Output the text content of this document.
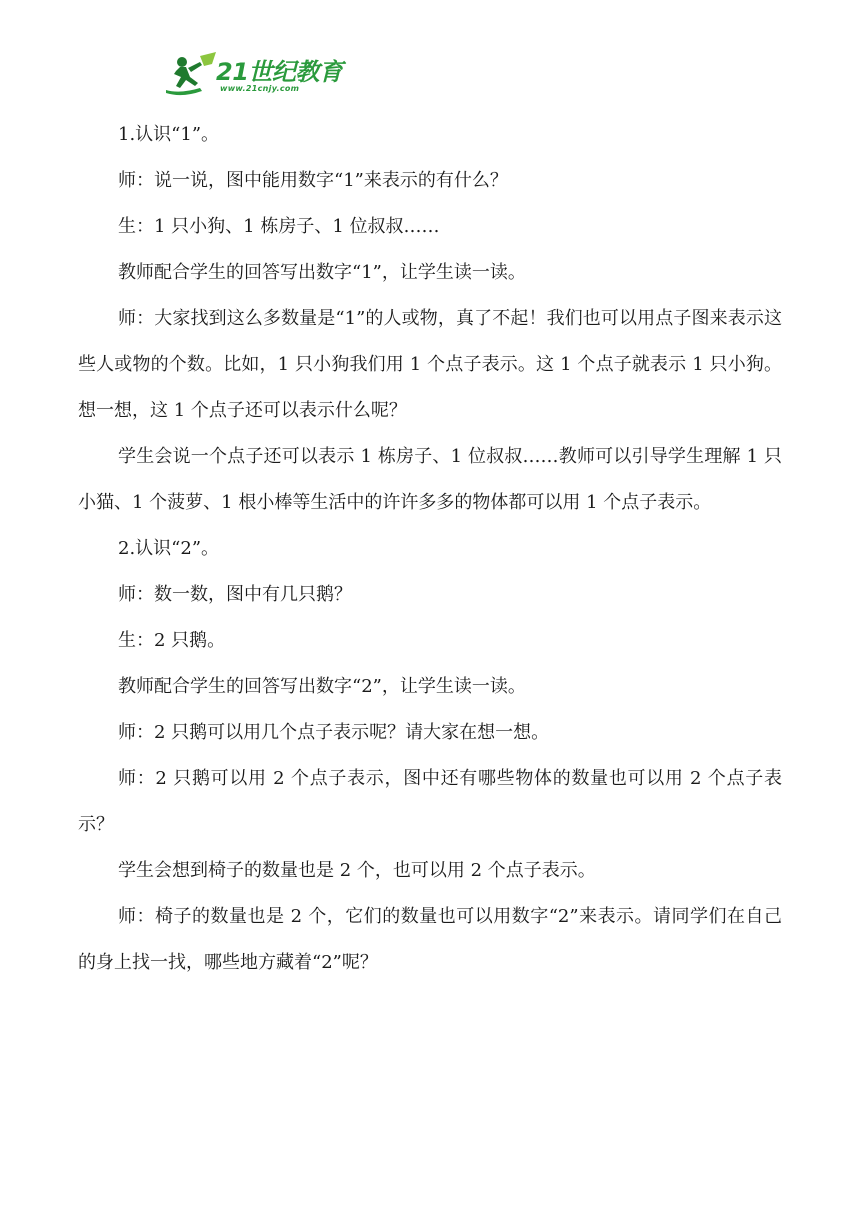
21世纪教育
www.21cnjy.com

1.认识“1”。

师：说一说，图中能用数字“1”来表示的有什么？

生：1 只小狗、1 栋房子、1 位叔叔……

教师配合学生的回答写出数字“1”，让学生读一读。

师：大家找到这么多数量是“1”的人或物，真了不起！我们也可以用点子图来表示这些人或物的个数。比如，1 只小狗我们用 1 个点子表示。这 1 个点子就表示 1 只小狗。想一想，这 1 个点子还可以表示什么呢？

学生会说一个点子还可以表示 1 栋房子、1 位叔叔……教师可以引导学生理解 1 只小猫、1 个菠萝、1 根小棒等生活中的许许多多的物体都可以用 1 个点子表示。

2.认识“2”。

师：数一数，图中有几只鹅？

生：2 只鹅。

教师配合学生的回答写出数字“2”，让学生读一读。

师：2 只鹅可以用几个点子表示呢？请大家在想一想。

师：2 只鹅可以用 2 个点子表示，图中还有哪些物体的数量也可以用 2 个点子表示？

学生会想到椅子的数量也是 2 个，也可以用 2 个点子表示。

师：椅子的数量也是 2 个，它们的数量也可以用数字“2”来表示。请同学们在自己的身上找一找，哪些地方藏着“2”呢？
